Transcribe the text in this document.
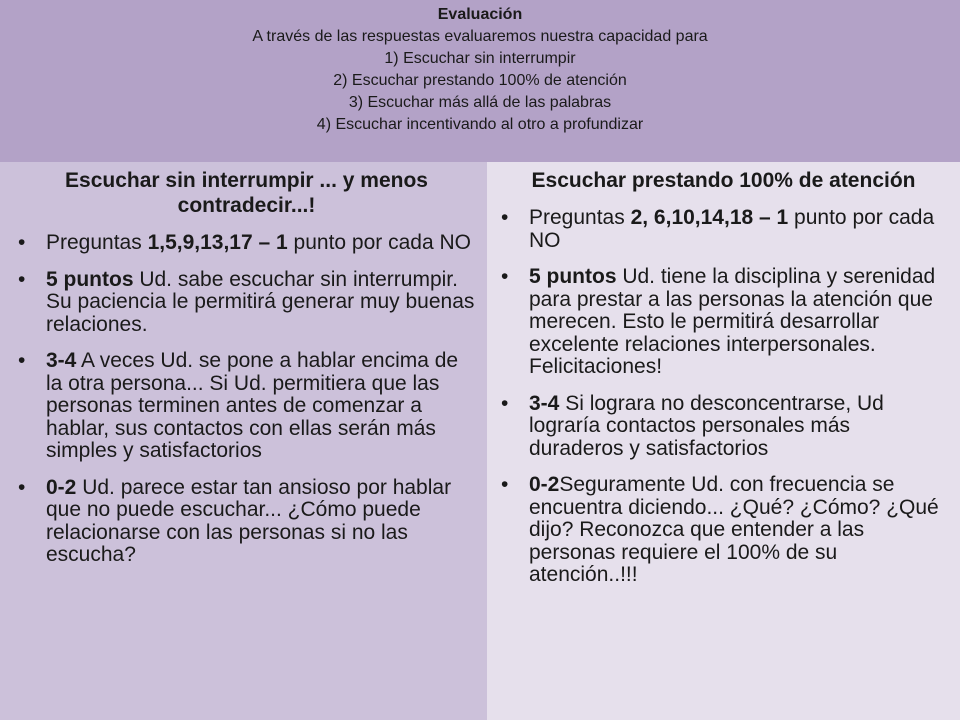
Evaluación

A través de las respuestas evaluaremos nuestra capacidad para

1) Escuchar sin interrumpir

2) Escuchar prestando 100% de atención

3) Escuchar más allá de las palabras

4) Escuchar incentivando al otro a profundizar

Escuchar sin interrumpir ... y menos contradecir...!
• Preguntas 1,5,9,13,17 – 1 punto por cada NO
• 5 puntos Ud. sabe escuchar sin interrumpir. Su paciencia le permitirá generar muy buenas relaciones.
• 3-4 A veces Ud. se pone a hablar encima de la otra persona... Si Ud. permitiera que las personas terminen antes de comenzar a hablar, sus contactos con ellas serán más simples y satisfactorios
• 0-2 Ud. parece estar tan ansioso por hablar que no puede escuchar... ¿Cómo puede relacionarse con las personas si no las escucha?
Escuchar prestando 100% de atención
• Preguntas 2, 6,10,14,18 – 1 punto por cada NO
• 5 puntos Ud. tiene la disciplina y serenidad para prestar a las personas la atención que merecen. Esto le permitirá desarrollar excelente relaciones interpersonales. Felicitaciones!
• 3-4 Si lograra no desconcentrarse, Ud lograría contactos personales más duraderos y satisfactorios
• 0-2Seguramente Ud. con frecuencia se encuentra diciendo... ¿Qué? ¿Cómo? ¿Qué dijo? Reconozca que entender a las personas requiere el 100% de su atención..!!!
